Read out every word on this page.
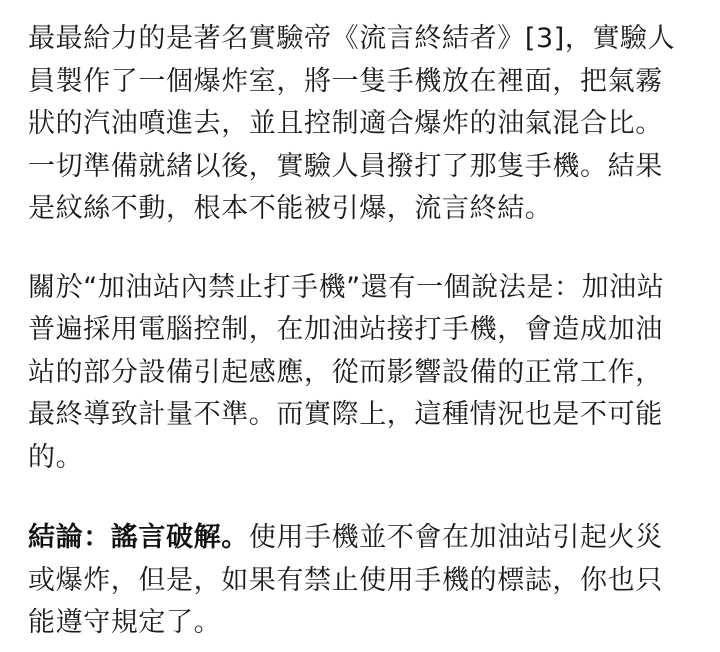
最最給力的是著名實驗帝《流言終結者》[3]，實驗人
員製作了一個爆炸室，將一隻手機放在裡面，把氣霧
狀的汽油噴進去，並且控制適合爆炸的油氣混合比。
一切準備就緒以後，實驗人員撥打了那隻手機。結果
是紋絲不動，根本不能被引爆，流言終結。

關於“加油站內禁止打手機”還有一個說法是：加油站
普遍採用電腦控制，在加油站接打手機，會造成加油
站的部分設備引起感應，從而影響設備的正常工作，
最終導致計量不準。而實際上，這種情況也是不可能
的。

結論：謠言破解。使用手機並不會在加油站引起火災
或爆炸，但是，如果有禁止使用手機的標誌，你也只
能遵守規定了。
